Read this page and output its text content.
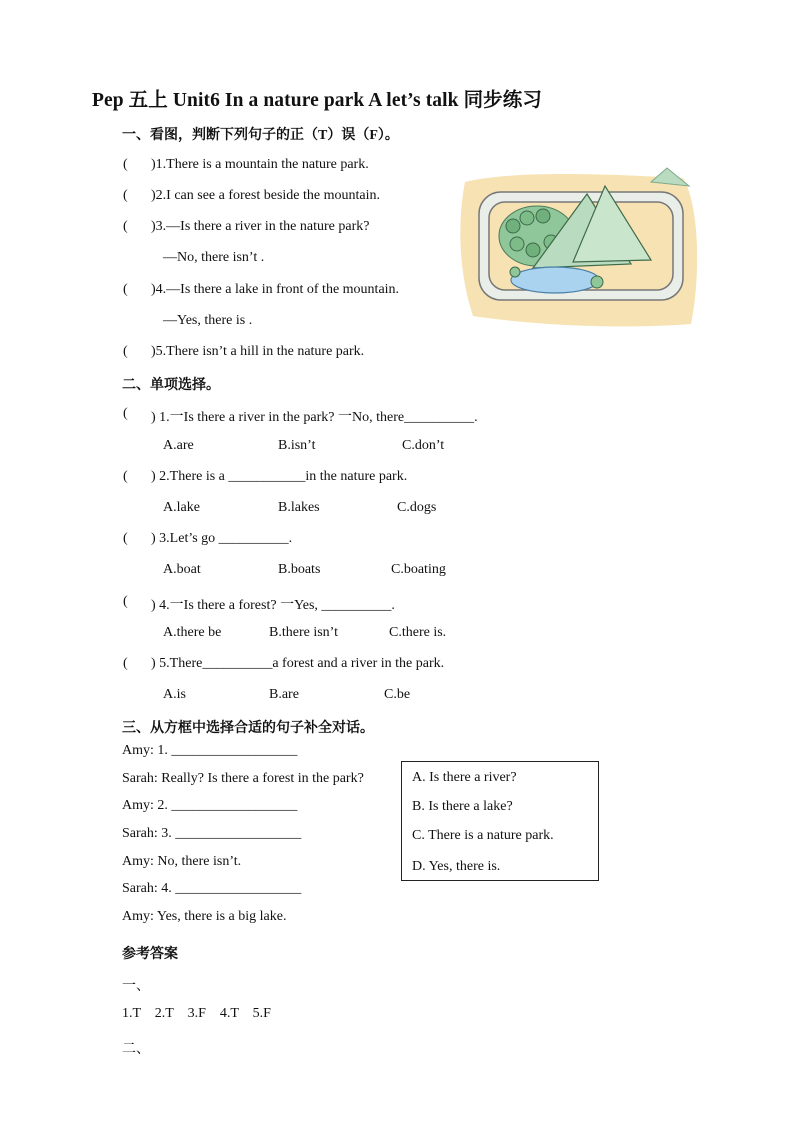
Pep 五上 Unit6 In a nature park A let’s talk 同步练习
一、看图，判断下列句子的正（T）误（F）。
( )1.There is a mountain the nature park.
( )2.I can see a forest beside the mountain.
( )3.—Is there a river in the nature park?
—No, there isn’t .
( )4.—Is there a lake in front of the mountain.
—Yes, there is .
( )5.There isn’t a hill in the nature park.
二、单项选择。
( ) 1.一Is there a river in the park? 一No, there__________.
A.are	B.isn’t	C.don’t
( ) 2.There is a ___________in the nature park.
A.lake	B.lakes	C.dogs
( ) 3.Let’s go __________.
A.boat	B.boats	C.boating
( ) 4.一Is there a forest? 一Yes, __________.
A.there be	B.there isn’t	C.there is.
( ) 5.There__________a forest and a river in the park.
A.is	B.are	C.be
三、从方框中选择合适的句子补全对话。
Amy: 1. __________________
Sarah: Really? Is there a forest in the park?
Amy: 2. __________________
Sarah: 3. __________________
Amy: No, there isn’t.
Sarah: 4. __________________
Amy: Yes, there is a big lake.
A. Is there a river?
B. Is there a lake?
C. There is a nature park.
D. Yes, there is.
参考答案
一、
1.T    2.T    3.F    4.T    5.F
二、
